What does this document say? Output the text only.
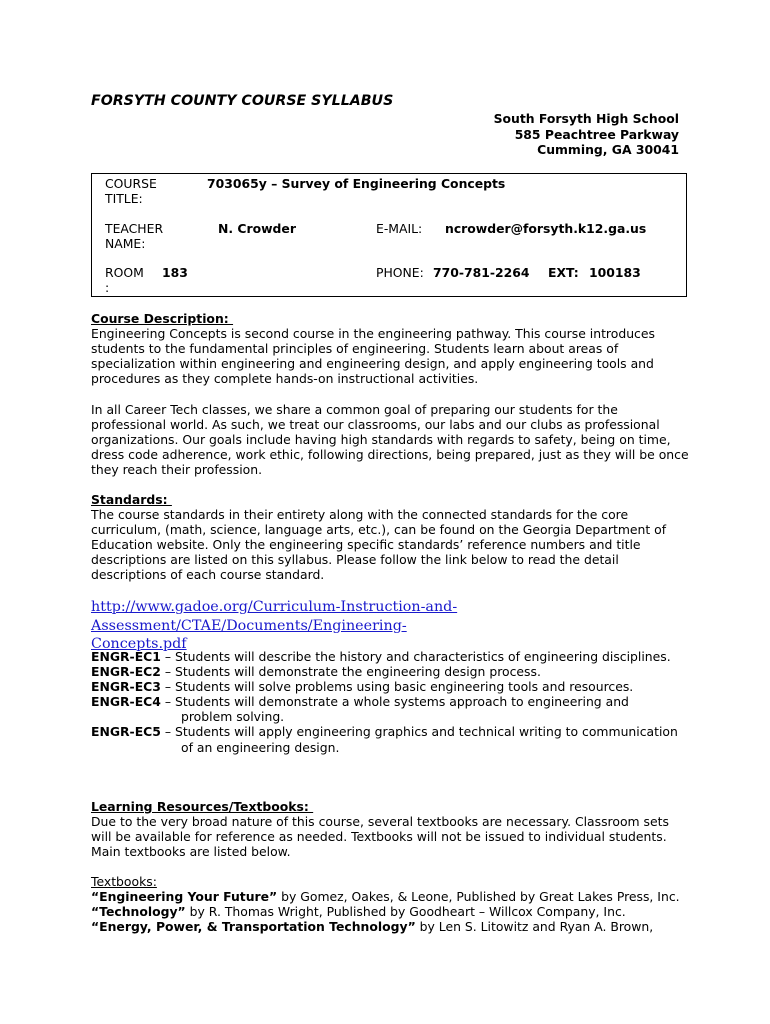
FORSYTH COUNTY COURSE SYLLABUS
South Forsyth High School
585 Peachtree Parkway
Cumming, GA 30041
COURSE
TITLE:
703065y – Survey of Engineering Concepts
TEACHER
NAME:
N. Crowder	E-MAIL: ncrowder@forsyth.k12.ga.us
ROOM
:
183	PHONE: 770-781-2264 EXT: 100183
Course Description:
Engineering Concepts is second course in the engineering pathway. This course introduces students to the fundamental principles of engineering. Students learn about areas of specialization within engineering and engineering design, and apply engineering tools and procedures as they complete hands-on instructional activities.
In all Career Tech classes, we share a common goal of preparing our students for the professional world. As such, we treat our classrooms, our labs and our clubs as professional organizations. Our goals include having high standards with regards to safety, being on time, dress code adherence, work ethic, following directions, being prepared, just as they will be once they reach their profession.
Standards:
The course standards in their entirety along with the connected standards for the core curriculum, (math, science, language arts, etc.), can be found on the Georgia Department of Education website. Only the engineering specific standards’ reference numbers and title descriptions are listed on this syllabus. Please follow the link below to read the detail descriptions of each course standard.
http://www.gadoe.org/Curriculum-Instruction-and-Assessment/CTAE/Documents/Engineering-
Concepts.pdf
ENGR-EC1 – Students will describe the history and characteristics of engineering disciplines.
ENGR-EC2 – Students will demonstrate the engineering design process.
ENGR-EC3 – Students will solve problems using basic engineering tools and resources.
ENGR-EC4 – Students will demonstrate a whole systems approach to engineering and
problem solving.
ENGR-EC5 – Students will apply engineering graphics and technical writing to communication
of an engineering design.
Learning Resources/Textbooks:
Due to the very broad nature of this course, several textbooks are necessary. Classroom sets will be available for reference as needed. Textbooks will not be issued to individual students. Main textbooks are listed below.
Textbooks:
“Engineering Your Future” by Gomez, Oakes, & Leone, Published by Great Lakes Press, Inc.
“Technology” by R. Thomas Wright, Published by Goodheart – Willcox Company, Inc.
“Energy, Power, & Transportation Technology” by Len S. Litowitz and Ryan A. Brown,
